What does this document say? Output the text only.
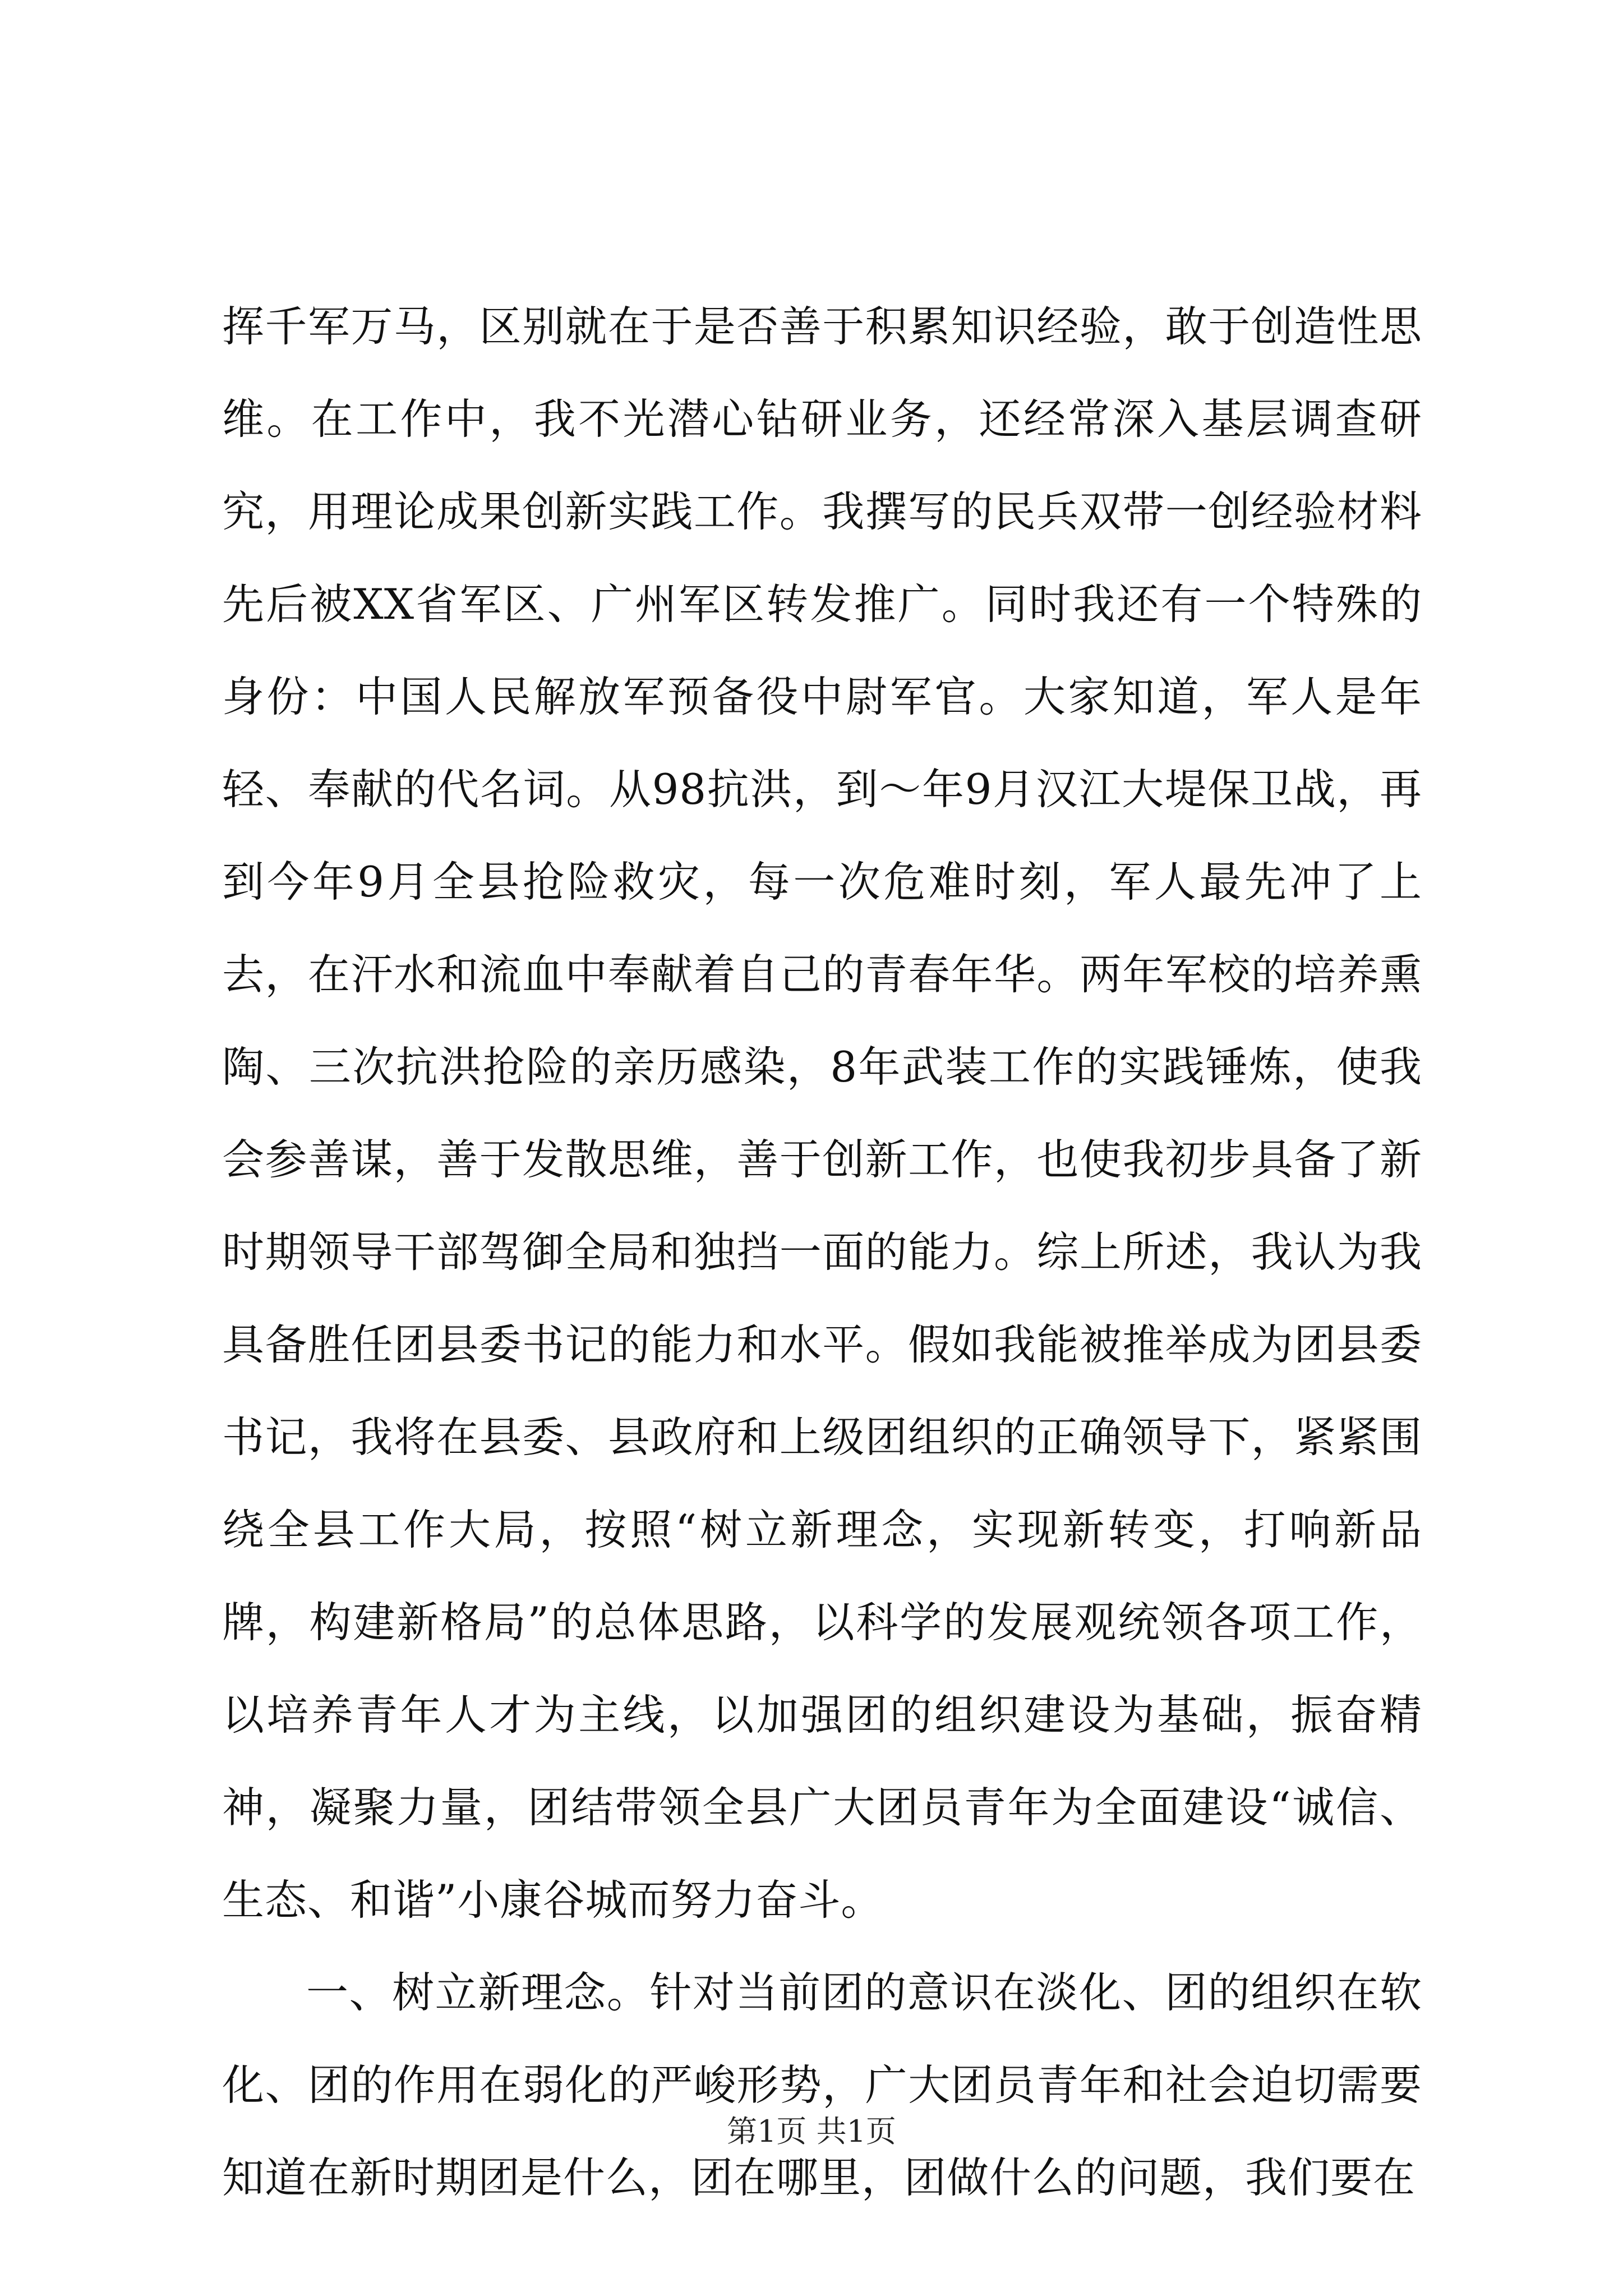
挥千军万马，区别就在于是否善于积累知识经验，敢于创造性思维。在工作中，我不光潜心钻研业务，还经常深入基层调查研究，用理论成果创新实践工作。我撰写的民兵双带一创经验材料先后被XX省军区、广州军区转发推广。同时我还有一个特殊的身份：中国人民解放军预备役中尉军官。大家知道，军人是年轻、奉献的代名词。从98抗洪，到～年9月汉江大堤保卫战，再到今年9月全县抢险救灾，每一次危难时刻，军人最先冲了上去，在汗水和流血中奉献着自己的青春年华。两年军校的培养熏陶、三次抗洪抢险的亲历感染，8年武装工作的实践锤炼，使我会参善谋，善于发散思维，善于创新工作，也使我初步具备了新时期领导干部驾御全局和独挡一面的能力。综上所述，我认为我具备胜任团县委书记的能力和水平。假如我能被推举成为团县委书记，我将在县委、县政府和上级团组织的正确领导下，紧紧围绕全县工作大局，按照“树立新理念，实现新转变，打响新品牌，构建新格局”的总体思路，以科学的发展观统领各项工作，以培养青年人才为主线，以加强团的组织建设为基础，振奋精神，凝聚力量，团结带领全县广大团员青年为全面建设“诚信、生态、和谐”小康谷城而努力奋斗。

一、树立新理念。针对当前团的意识在淡化、团的组织在软化、团的作用在弱化的严峻形势，广大团员青年和社会迫切需要知道在新时期团是什么，团在哪里，团做什么的问题，我们要在

第1页 共1页
